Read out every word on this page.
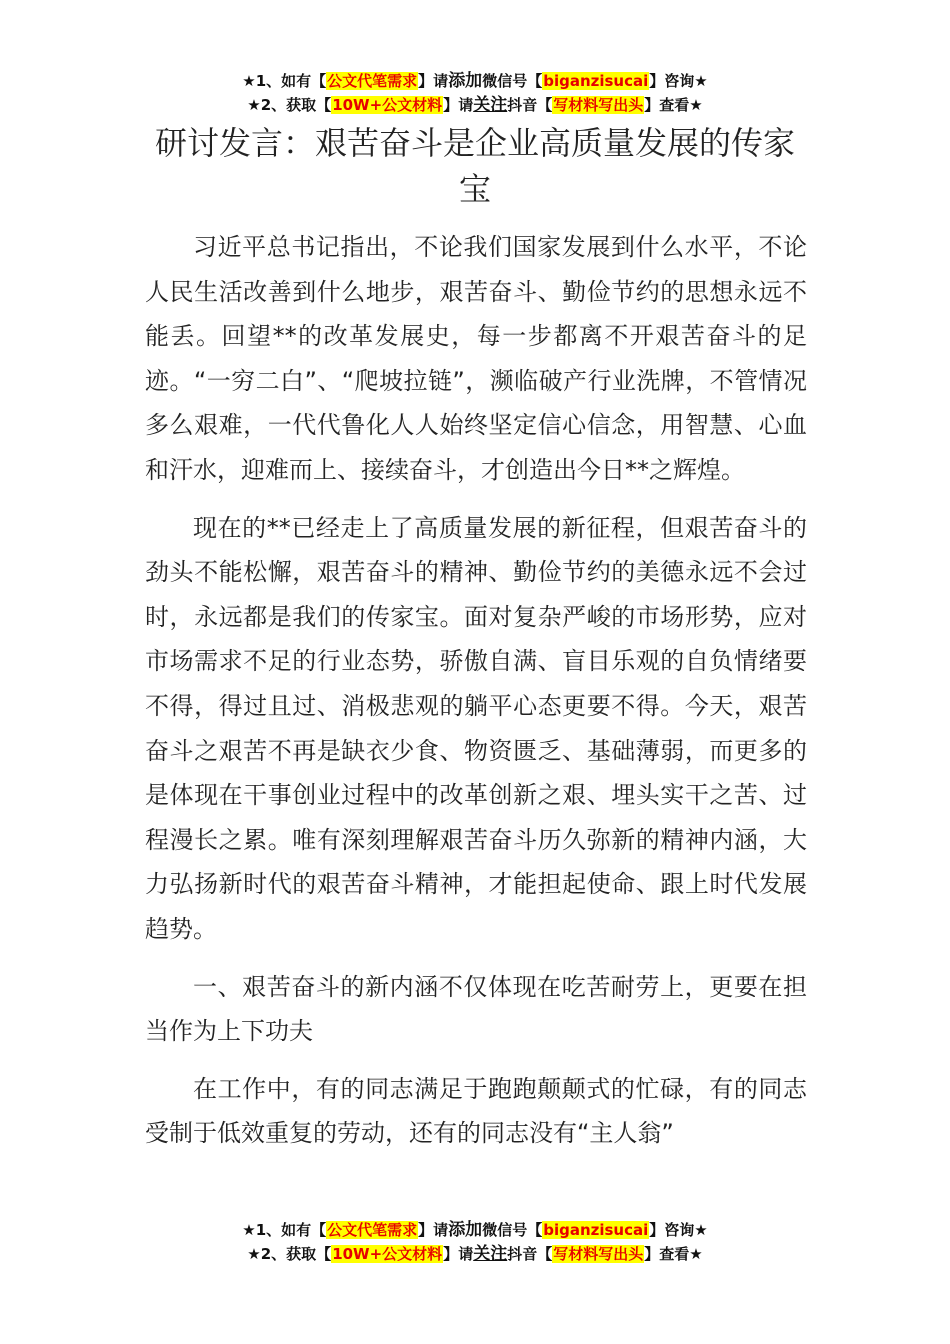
★1、如有【公文代笔需求】请添加微信号【biganzisucai】咨询★
★2、获取【10W+公文材料】请关注抖音【写材料写出头】查看★
研讨发言：艰苦奋斗是企业高质量发展的传家宝

习近平总书记指出，不论我们国家发展到什么水平，不论人民生活改善到什么地步，艰苦奋斗、勤俭节约的思想永远不能丢。回望**的改革发展史，每一步都离不开艰苦奋斗的足迹。“一穷二白”、“爬坡拉链”，濒临破产行业洗牌，不管情况多么艰难，一代代鲁化人人始终坚定信心信念，用智慧、心血和汗水，迎难而上、接续奋斗，才创造出今日**之辉煌。

现在的**已经走上了高质量发展的新征程，但艰苦奋斗的劲头不能松懈，艰苦奋斗的精神、勤俭节约的美德永远不会过时，永远都是我们的传家宝。面对复杂严峻的市场形势，应对市场需求不足的行业态势，骄傲自满、盲目乐观的自负情绪要不得，得过且过、消极悲观的躺平心态更要不得。今天，艰苦奋斗之艰苦不再是缺衣少食、物资匮乏、基础薄弱，而更多的是体现在干事创业过程中的改革创新之艰、埋头实干之苦、过程漫长之累。唯有深刻理解艰苦奋斗历久弥新的精神内涵，大力弘扬新时代的艰苦奋斗精神，才能担起使命、跟上时代发展趋势。

一、艰苦奋斗的新内涵不仅体现在吃苦耐劳上，更要在担当作为上下功夫

在工作中，有的同志满足于跑跑颠颠式的忙碌，有的同志受制于低效重复的劳动，还有的同志没有“主人翁”

★1、如有【公文代笔需求】请添加微信号【biganzisucai】咨询★
★2、获取【10W+公文材料】请关注抖音【写材料写出头】查看★
